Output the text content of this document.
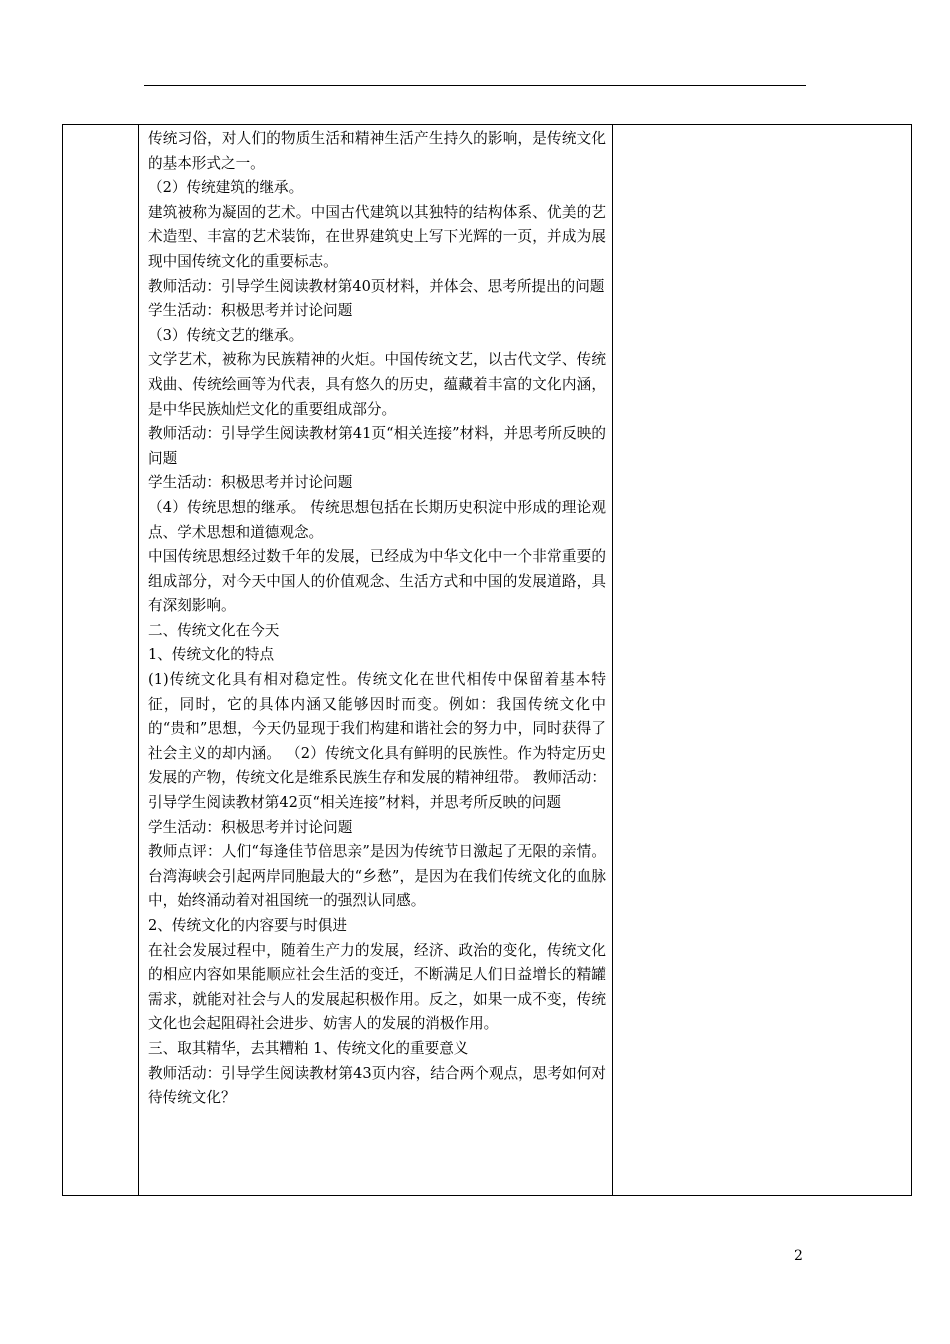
传统习俗，对人们的物质生活和精神生活产生持久的影响，是传统文化的基本形式之一。

（2）传统建筑的继承。

建筑被称为凝固的艺术。中国古代建筑以其独特的结构体系、优美的艺术造型、丰富的艺术装饰，在世界建筑史上写下光辉的一页，并成为展现中国传统文化的重要标志。

教师活动：引导学生阅读教材第40页材料，并体会、思考所提出的问题

学生活动：积极思考并讨论问题

（3）传统文艺的继承。

文学艺术，被称为民族精神的火炬。中国传统文艺，以古代文学、传统戏曲、传统绘画等为代表，具有悠久的历史，蕴藏着丰富的文化内涵，是中华民族灿烂文化的重要组成部分。

教师活动：引导学生阅读教材第41页“相关连接”材料，并思考所反映的问题

学生活动：积极思考并讨论问题

（4）传统思想的继承。 传统思想包括在长期历史积淀中形成的理论观点、学术思想和道德观念。

中国传统思想经过数千年的发展，已经成为中华文化中一个非常重要的组成部分，对今天中国人的价值观念、生活方式和中国的发展道路，具有深刻影响。

二、传统文化在今天

1、传统文化的特点

(1)传统文化具有相对稳定性。传统文化在世代相传中保留着基本特征，同时，它的具体内涵又能够因时而变。例如：我国传统文化中的“贵和”思想，今天仍显现于我们构建和谐社会的努力中，同时获得了社会主义的却内涵。 （2）传统文化具有鲜明的民族性。作为特定历史发展的产物，传统文化是维系民族生存和发展的精神纽带。 教师活动：引导学生阅读教材第42页“相关连接”材料，并思考所反映的问题

学生活动：积极思考并讨论问题

教师点评：人们“每逢佳节倍思亲”是因为传统节日激起了无限的亲情。台湾海峡会引起两岸同胞最大的“乡愁”，是因为在我们传统文化的血脉中，始终涌动着对祖国统一的强烈认同感。

2、传统文化的内容要与时俱进

在社会发展过程中，随着生产力的发展，经济、政治的变化，传统文化的相应内容如果能顺应社会生活的变迁，不断满足人们日益增长的精罐需求，就能对社会与人的发展起积极作用。反之，如果一成不变，传统文化也会起阻碍社会进步、妨害人的发展的消极作用。

三、取其精华，去其糟粕 1、传统文化的重要意义

教师活动：引导学生阅读教材第43页内容，结合两个观点，思考如何对待传统文化？

2
